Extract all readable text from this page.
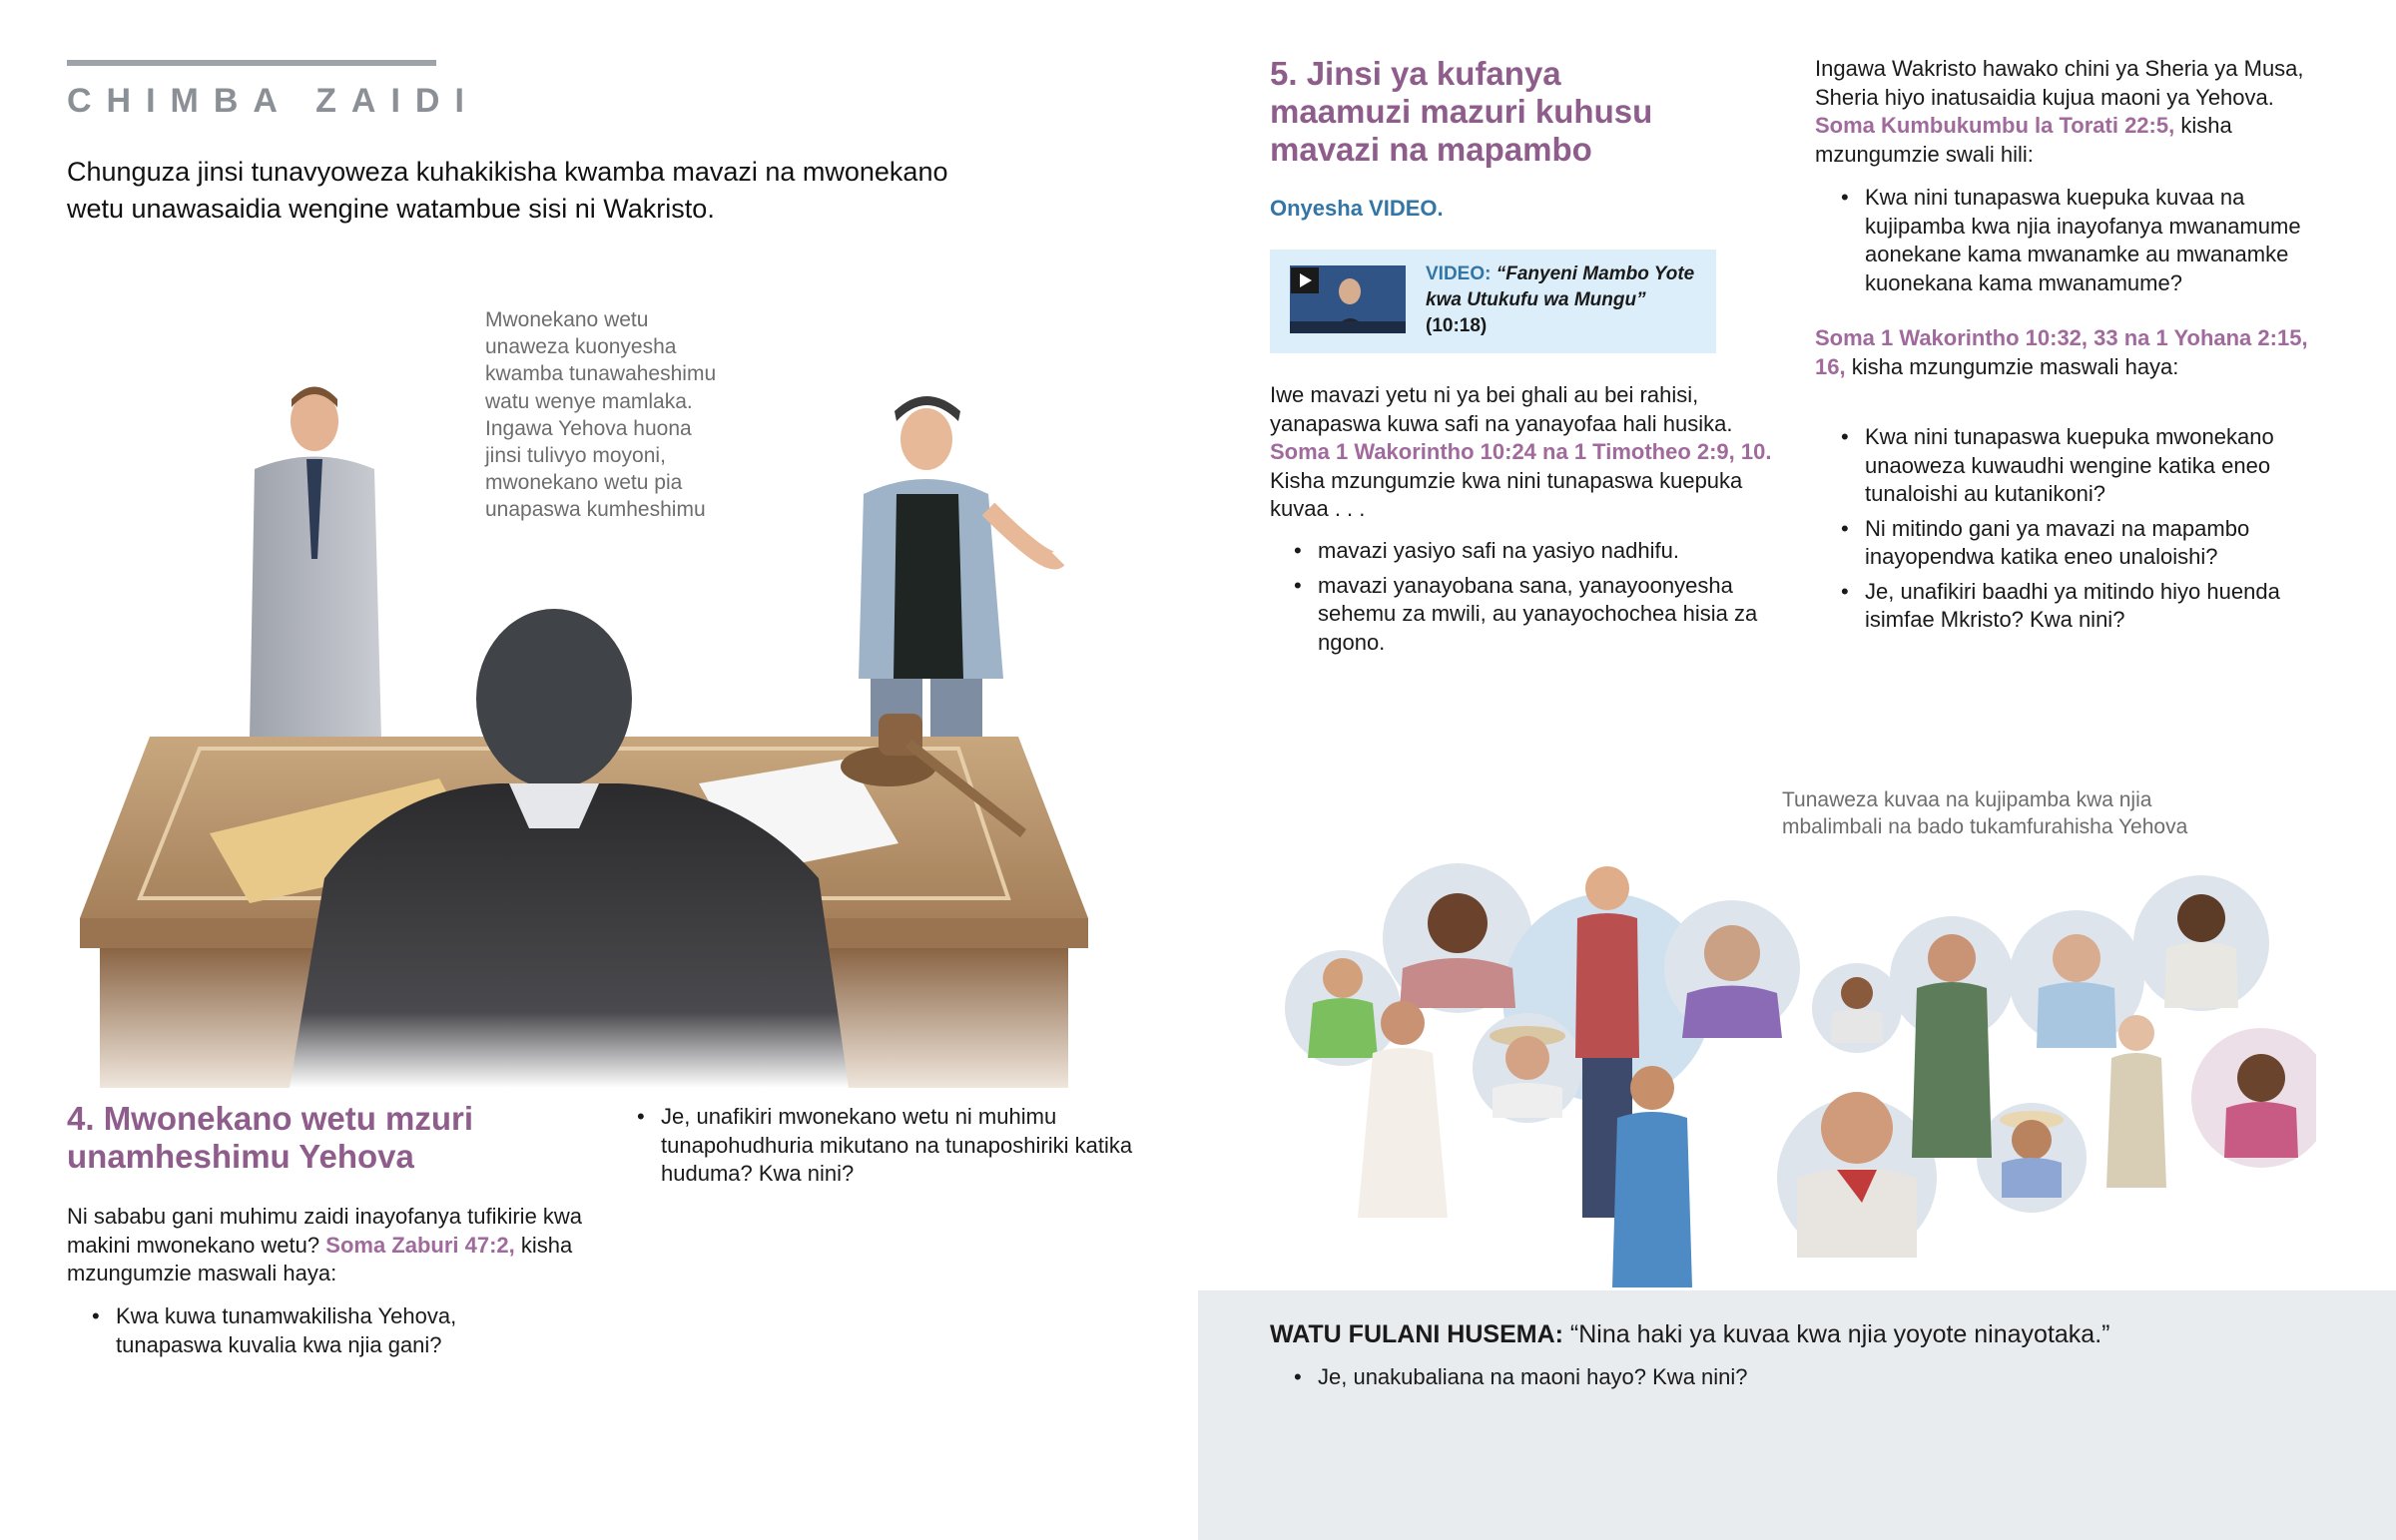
CHIMBA ZAIDI
Chunguza jinsi tunavyoweza kuhakikisha kwamba mavazi na mwonekano wetu unawasaidia wengine watambue sisi ni Wakristo.
Mwonekano wetu
unaweza kuonyesha
kwamba tunawaheshimu
watu wenye mamlaka.
Ingawa Yehova huona
jinsi tulivyo moyoni,
mwonekano wetu pia
unapaswa kumheshimu
4. Mwonekano wetu mzuri unamheshimu Yehova
Ni sababu gani muhimu zaidi inayofanya tufikirie kwa makini mwonekano wetu? Soma Zaburi 47:2, kisha mzungumzie maswali haya:
• Kwa kuwa tunamwakilisha Yehova, tunapaswa kuvalia kwa njia gani?
• Je, unafikiri mwonekano wetu ni muhimu tunapohudhuria mikutano na tunaposhiriki katika huduma? Kwa nini?
5. Jinsi ya kufanya maamuzi mazuri kuhusu mavazi na mapambo
Onyesha VIDEO.
VIDEO: “Fanyeni Mambo Yote kwa Utukufu wa Mungu”
(10:18)
Iwe mavazi yetu ni ya bei ghali au bei rahisi, yanapaswa kuwa safi na yanayofaa hali husika. Soma 1 Wakorintho 10:24 na 1 Timotheo 2:9, 10. Kisha mzungumzie kwa nini tunapaswa kuepuka kuvaa . . .
• mavazi yasiyo safi na yasiyo nadhifu.
• mavazi yanayobana sana, yanayoonyesha sehemu za mwili, au yanayochochea hisia za ngono.
Ingawa Wakristo hawako chini ya Sheria ya Musa, Sheria hiyo inatusaidia kujua maoni ya Yehova. Soma Kumbukumbu la Torati 22:5, kisha mzungumzie swali hili:
• Kwa nini tunapaswa kuepuka kuvaa na kujipamba kwa njia inayofanya mwanamume aonekane kama mwanamke au mwanamke kuonekana kama mwanamume?
Soma 1 Wakorintho 10:32, 33 na 1 Yohana 2:15, 16, kisha mzungumzie maswali haya:
• Kwa nini tunapaswa kuepuka mwonekano unaoweza kuwaudhi wengine katika eneo tunaloishi au kutanikoni?
• Ni mitindo gani ya mavazi na mapambo inayopendwa katika eneo unaloishi?
• Je, unafikiri baadhi ya mitindo hiyo huenda isimfae Mkristo? Kwa nini?
Tunaweza kuvaa na kujipamba kwa njia
mbalimbali na bado tukamfurahisha Yehova
WATU FULANI HUSEMA: “Nina haki ya kuvaa kwa njia yoyote ninayotaka.”
• Je, unakubaliana na maoni hayo? Kwa nini?
